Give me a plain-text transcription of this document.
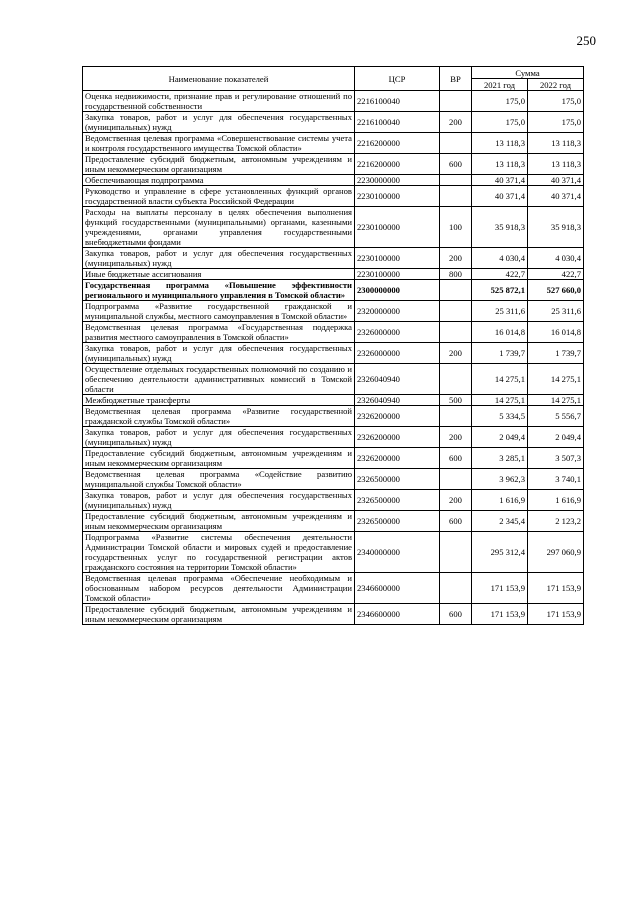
250
Наименование показателей	ЦСР	ВР	Сумма	
			2021 год	2022 год
Оценка недвижимости, признание прав и регулирование отношений по государственной собственности	2216100040		175,0	175,0
Закупка товаров, работ и услуг для обеспечения государственных (муниципальных) нужд	2216100040	200	175,0	175,0
Ведомственная целевая программа «Совершенствование системы учета и контроля государственного имущества Томской области»	2216200000		13 118,3	13 118,3
Предоставление субсидий бюджетным, автономным учреждениям и иным некоммерческим организациям	2216200000	600	13 118,3	13 118,3
Обеспечивающая подпрограмма	2230000000		40 371,4	40 371,4
Руководство и управление в сфере установленных функций органов государственной власти субъекта Российской Федерации	2230100000		40 371,4	40 371,4
Расходы на выплаты персоналу в целях обеспечения выполнения функций государственными (муниципальными) органами, казенными учреждениями, органами управления государственными внебюджетными фондами	2230100000	100	35 918,3	35 918,3
Закупка товаров, работ и услуг для обеспечения государственных (муниципальных) нужд	2230100000	200	4 030,4	4 030,4
Иные бюджетные ассигнования	2230100000	800	422,7	422,7
Государственная программа «Повышение эффективности регионального и муниципального управления в Томской области»	2300000000		525 872,1	527 660,0
Подпрограмма «Развитие государственной гражданской и муниципальной службы, местного самоуправления в Томской области»	2320000000		25 311,6	25 311,6
Ведомственная целевая программа «Государственная поддержка развития местного самоуправления в Томской области»	2326000000		16 014,8	16 014,8
Закупка товаров, работ и услуг для обеспечения государственных (муниципальных) нужд	2326000000	200	1 739,7	1 739,7
Осуществление отдельных государственных полномочий по созданию и обеспечению деятельности административных комиссий в Томской области	2326040940		14 275,1	14 275,1
Межбюджетные трансферты	2326040940	500	14 275,1	14 275,1
Ведомственная целевая программа «Развитие государственной гражданской службы Томской области»	2326200000		5 334,5	5 556,7
Закупка товаров, работ и услуг для обеспечения государственных (муниципальных) нужд	2326200000	200	2 049,4	2 049,4
Предоставление субсидий бюджетным, автономным учреждениям и иным некоммерческим организациям	2326200000	600	3 285,1	3 507,3
Ведомственная целевая программа «Содействие развитию муниципальной службы Томской области»	2326500000		3 962,3	3 740,1
Закупка товаров, работ и услуг для обеспечения государственных (муниципальных) нужд	2326500000	200	1 616,9	1 616,9
Предоставление субсидий бюджетным, автономным учреждениям и иным некоммерческим организациям	2326500000	600	2 345,4	2 123,2
Подпрограмма «Развитие системы обеспечения деятельности Администрации Томской области и мировых судей и предоставление государственных услуг по государственной регистрации актов гражданского состояния на территории Томской области»	2340000000		295 312,4	297 060,9
Ведомственная целевая программа «Обеспечение необходимым и обоснованным набором ресурсов деятельности Администрации Томской области»	2346600000		171 153,9	171 153,9
Предоставление субсидий бюджетным, автономным учреждениям и иным некоммерческим организациям	2346600000	600	171 153,9	171 153,9
